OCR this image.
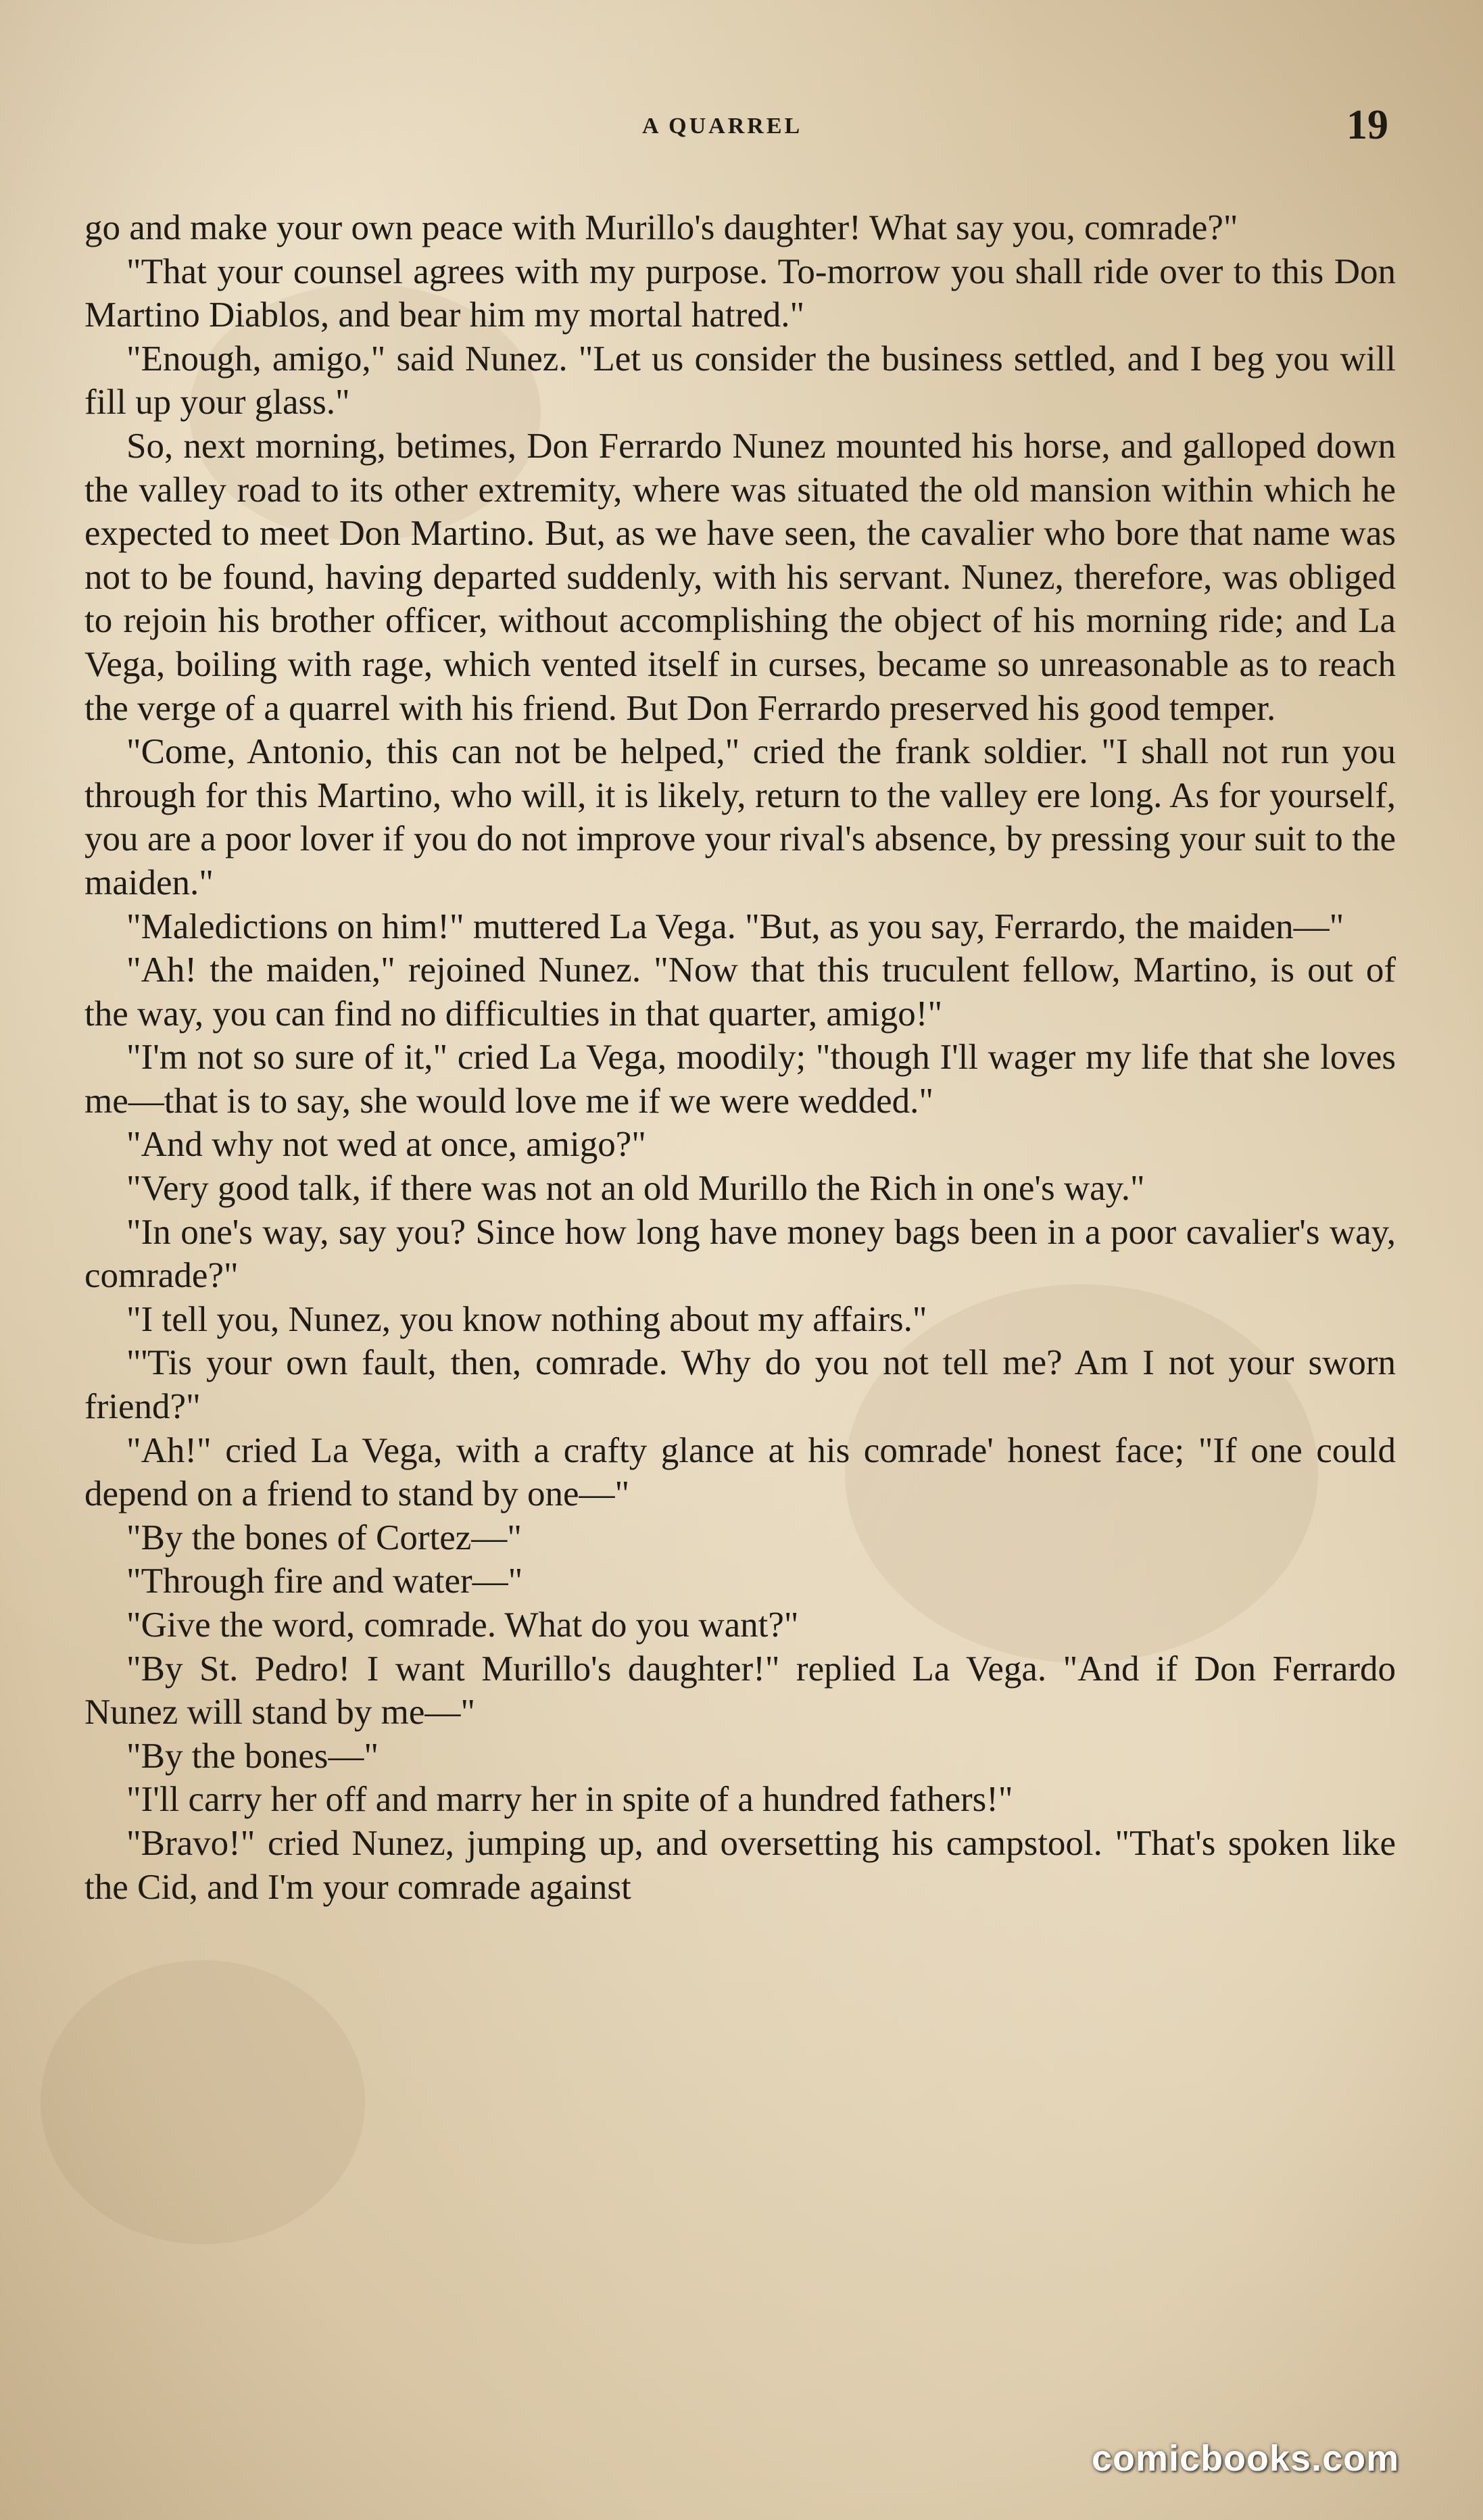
A QUARREL	19

go and make your own peace with Murillo's daughter! What say you, comrade?"

"That your counsel agrees with my purpose. To-morrow you shall ride over to this Don Martino Diablos, and bear him my mortal hatred."

"Enough, amigo," said Nunez. "Let us consider the business settled, and I beg you will fill up your glass."

So, next morning, betimes, Don Ferrardo Nunez mounted his horse, and galloped down the valley road to its other extremity, where was situated the old mansion within which he expected to meet Don Martino. But, as we have seen, the cavalier who bore that name was not to be found, having departed suddenly, with his servant. Nunez, therefore, was obliged to rejoin his brother officer, without accomplishing the object of his morning ride; and La Vega, boiling with rage, which vented itself in curses, became so unreasonable as to reach the verge of a quarrel with his friend. But Don Ferrardo preserved his good temper.

"Come, Antonio, this can not be helped," cried the frank soldier. "I shall not run you through for this Martino, who will, it is likely, return to the valley ere long. As for yourself, you are a poor lover if you do not improve your rival's absence, by pressing your suit to the maiden."

"Maledictions on him!" muttered La Vega. "But, as you say, Ferrardo, the maiden—"

"Ah! the maiden," rejoined Nunez. "Now that this truculent fellow, Martino, is out of the way, you can find no difficulties in that quarter, amigo!"

"I'm not so sure of it," cried La Vega, moodily; "though I'll wager my life that she loves me—that is to say, she would love me if we were wedded."

"And why not wed at once, amigo?"

"Very good talk, if there was not an old Murillo the Rich in one's way."

"In one's way, say you? Since how long have money bags been in a poor cavalier's way, comrade?"

"I tell you, Nunez, you know nothing about my affairs."

"'Tis your own fault, then, comrade. Why do you not tell me? Am I not your sworn friend?"

"Ah!" cried La Vega, with a crafty glance at his comrade' honest face; "If one could depend on a friend to stand by one—"

"By the bones of Cortez—"

"Through fire and water—"

"Give the word, comrade. What do you want?"

"By St. Pedro! I want Murillo's daughter!" replied La Vega. "And if Don Ferrardo Nunez will stand by me—"

"By the bones—"

"I'll carry her off and marry her in spite of a hundred fathers!"

"Bravo!" cried Nunez, jumping up, and oversetting his campstool. "That's spoken like the Cid, and I'm your comrade against

comicbooks.com
